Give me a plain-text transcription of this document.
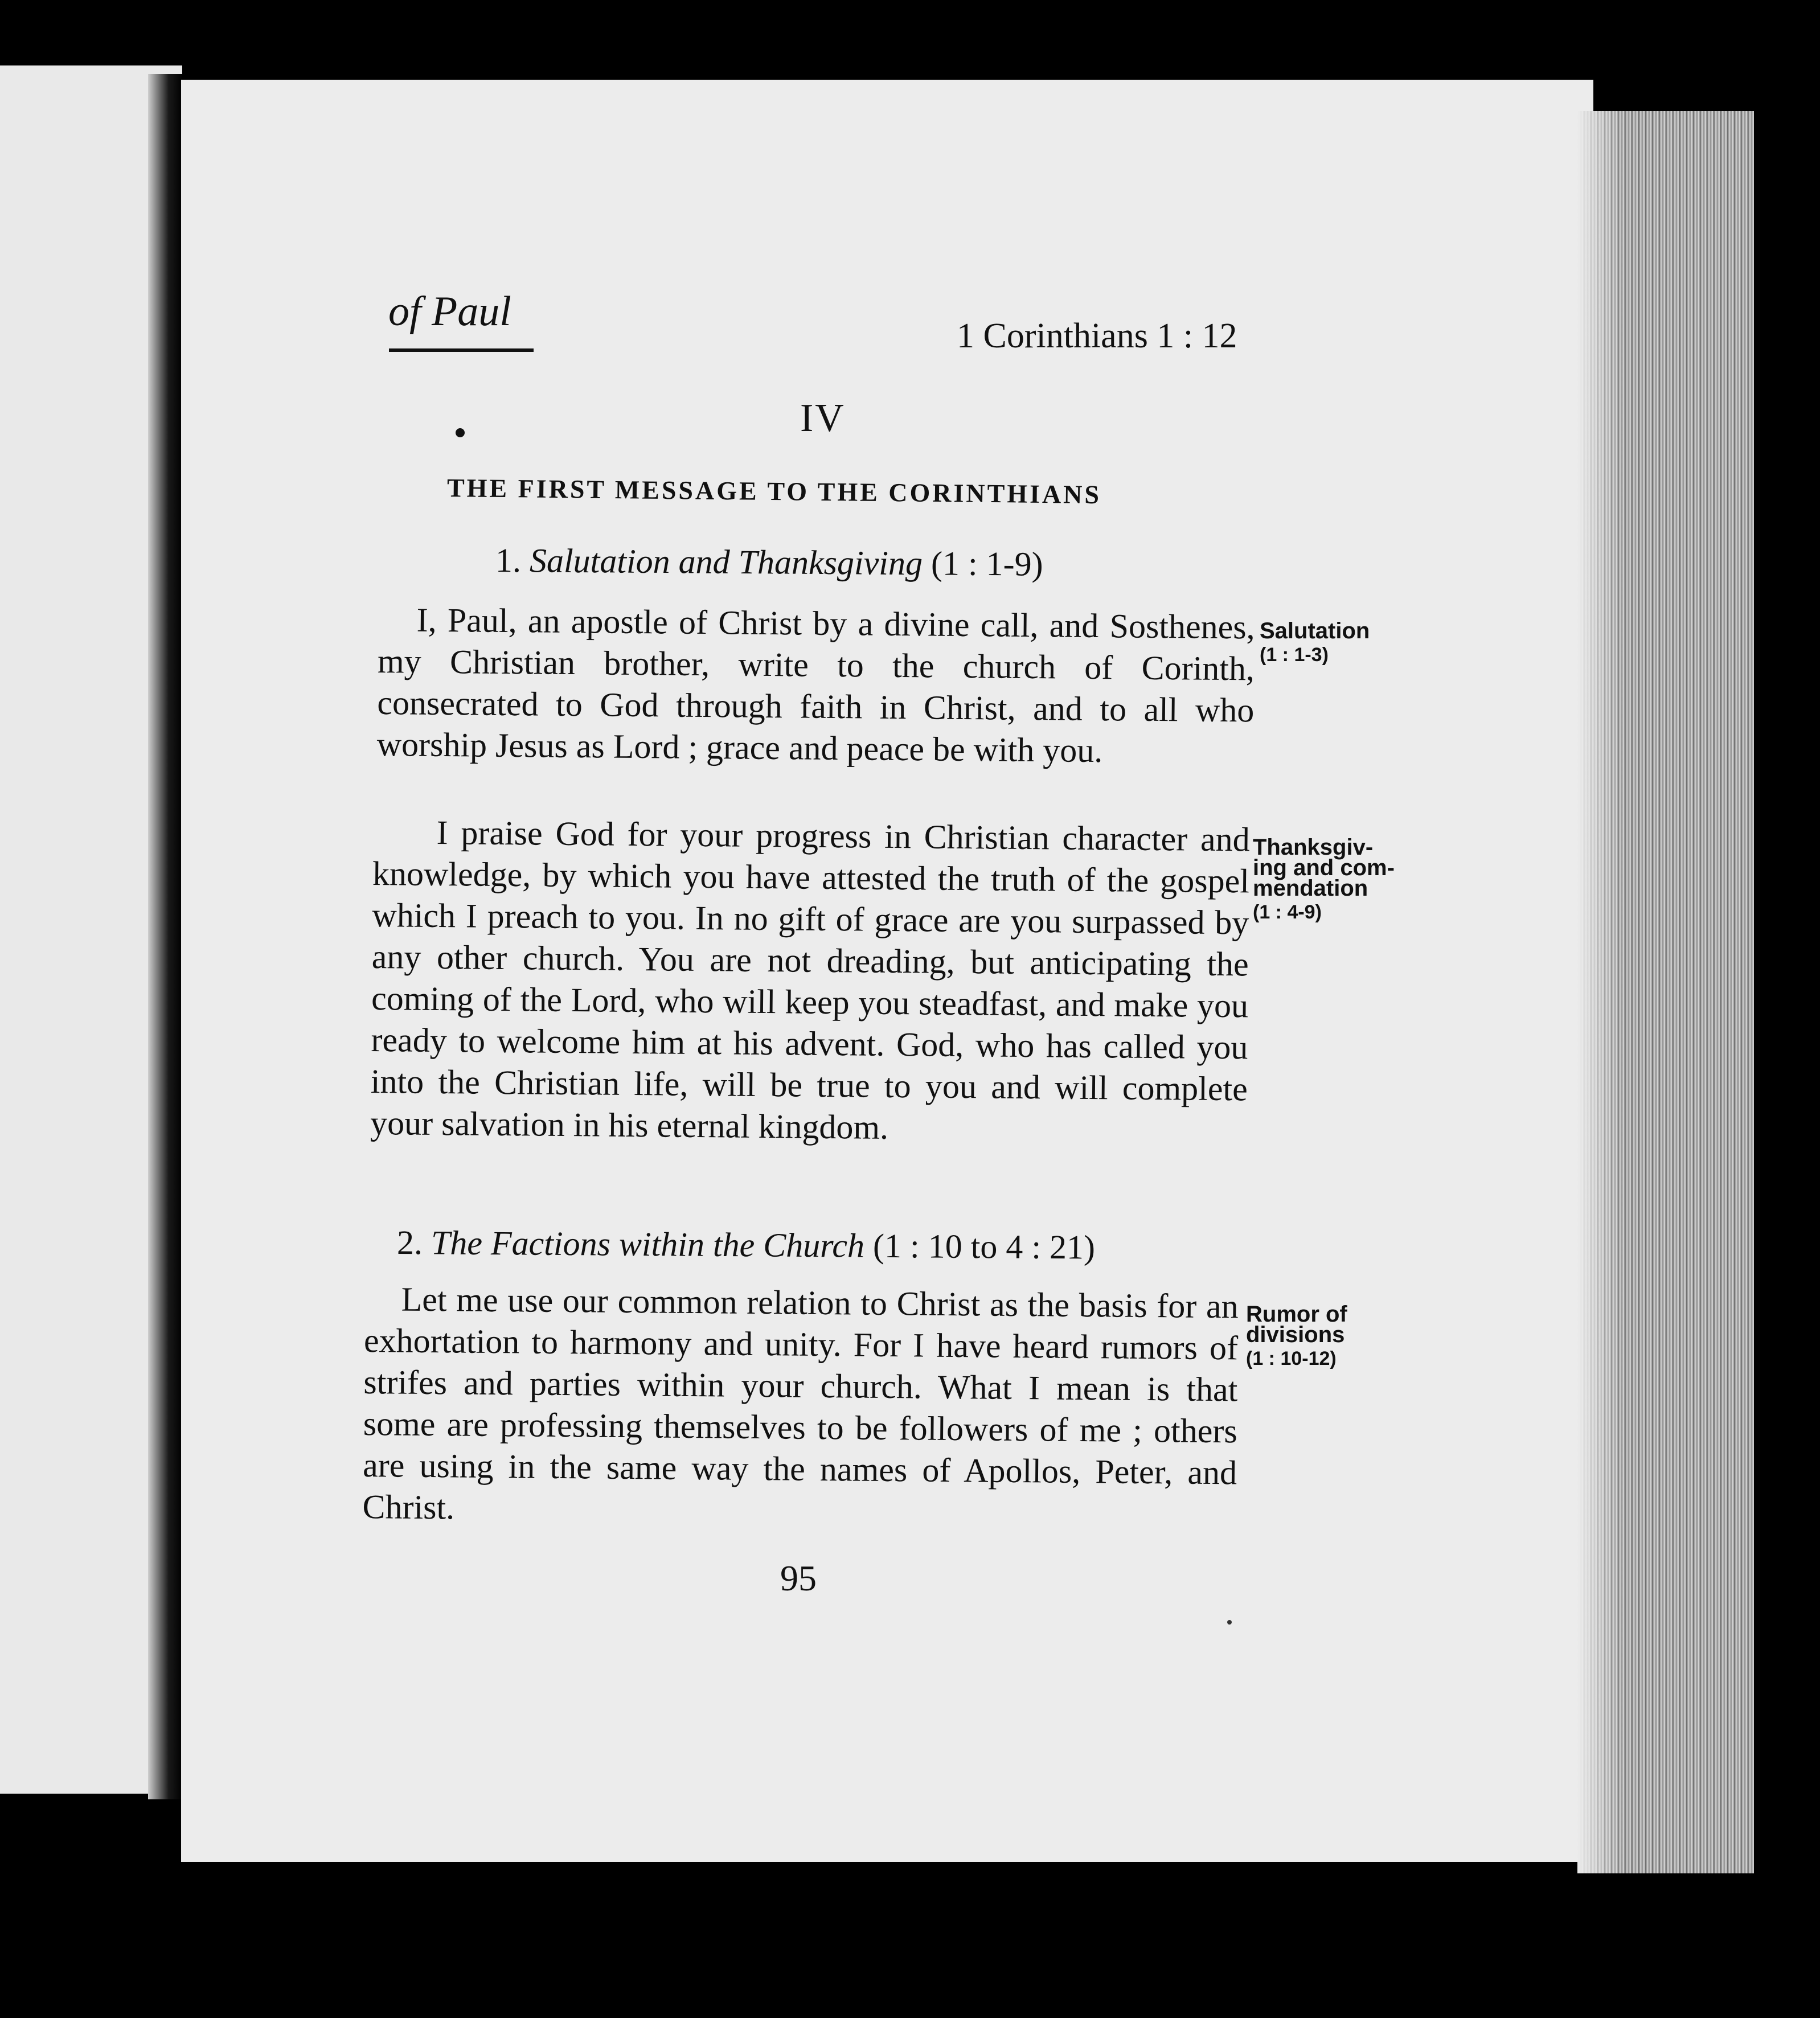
of Paul
1 Corinthians 1 : 12
IV
THE FIRST MESSAGE TO THE CORINTHIANS
1. Salutation and Thanksgiving (1 : 1-9)
I, Paul, an apostle of Christ by a divine call, and Sosthenes, my Christian brother, write to the church of Corinth, consecrated to God through faith in Christ, and to all who worship Jesus as Lord ; grace and peace be with you.
Salutation
(1 : 1-3)
I praise God for your progress in Christian character and knowledge, by which you have attested the truth of the gospel which I preach to you. In no gift of grace are you surpassed by any other church. You are not dreading, but anticipating the coming of the Lord, who will keep you steadfast, and make you ready to welcome him at his advent. God, who has called you into the Christian life, will be true to you and will complete your salvation in his eternal kingdom.
Thanksgiv-
ing and com-
mendation
(1 : 4-9)
2. The Factions within the Church (1 : 10 to 4 : 21)
Let me use our common relation to Christ as the basis for an exhortation to harmony and unity. For I have heard rumors of strifes and parties within your church. What I mean is that some are professing themselves to be followers of me ; others are using in the same way the names of Apollos, Peter, and Christ.
Rumor of
divisions
(1 : 10-12)
95
